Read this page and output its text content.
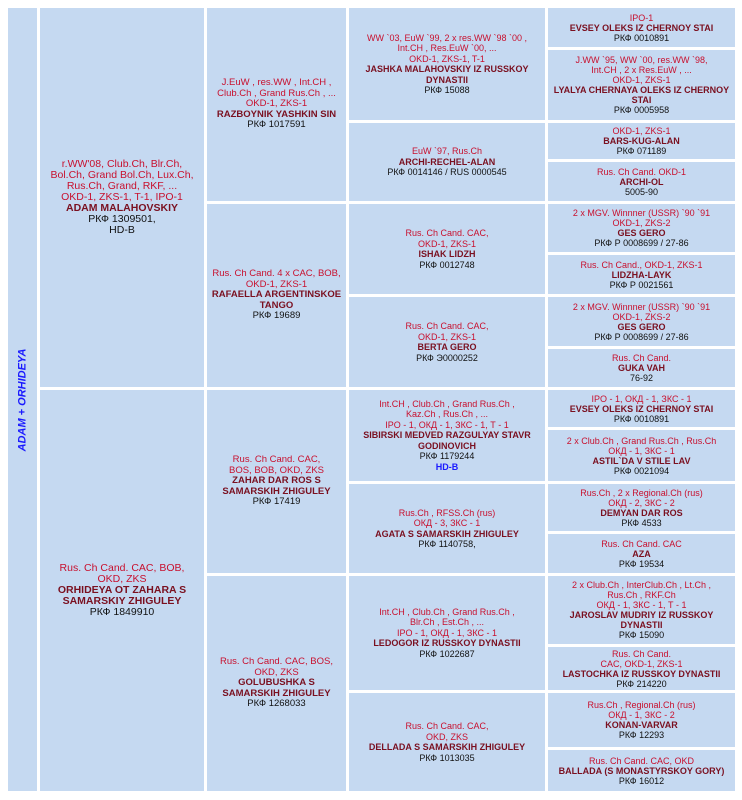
ADAM + ORHIDEYA
r.WW'08, Club.Ch, Blr.Ch,
Bol.Ch, Grand Bol.Ch, Lux.Ch,
Rus.Ch, Grand, RKF, ...
OKD-1, ZKS-1, T-1, IPO-1
ADAM MALAHOVSKIY
РКФ 1309501,
HD-B
Rus. Ch Cand. CAC, BOB,
OKD, ZKS
ORHIDEYA OT ZAHARA S SAMARSKIY ZHIGULEY
РКФ 1849910
J.EuW , res.WW , Int.CH ,
Club.Ch , Grand Rus.Ch , ...
OKD-1, ZKS-1
RAZBOYNIK YASHKIN SIN
РКФ 1017591
Rus. Ch Cand. 4 x CAC, BOB,
OKD-1, ZKS-1
RAFAELLA ARGENTINSKOE TANGO
РКФ 19689
Rus. Ch Cand. CAC,
BOS, BOB, OKD, ZKS
ZAHAR DAR ROS S SAMARSKIH ZHIGULEY
РКФ 17419
Rus. Ch Cand. CAC, BOS,
OKD, ZKS
GOLUBUSHKA S SAMARSKIH ZHIGULEY
РКФ 1268033
WW `03, EuW `99, 2 x res.WW `98 `00 ,
Int.CH , Res.EuW `00, ...
OKD-1, ZKS-1, T-1
JASHKA MALAHOVSKIY IZ RUSSKOY DYNASTII
РКФ 15088
EuW `97, Rus.Ch
ARCHI-RECHEL-ALAN
РКФ 0014146 / RUS 0000545
Rus. Ch Cand. CAC,
OKD-1, ZKS-1
ISHAK LIDZH
РКФ 0012748
Rus. Ch Cand. CAC,
OKD-1, ZKS-1
BERTA GERO
РКФ Э0000252
Int.CH , Club.Ch , Grand Rus.Ch ,
Kaz.Ch , Rus.Ch , ...
IPO - 1, ОКД - 1, ЗКС - 1, Т - 1
SIBIRSKI MEDVED RAZGULYAY STAVR GODINOVICH
РКФ 1179244
HD-B
Rus.Ch , RFSS.Ch (rus)
ОКД - 3, ЗКС - 1
AGATA S SAMARSKIH ZHIGULEY
РКФ 1140758,
Int.CH , Club.Ch , Grand Rus.Ch ,
Blr.Ch , Est.Ch , ...
IPO - 1, ОКД - 1, ЗКС - 1
LEDOGOR IZ RUSSKOY DYNASTII
РКФ 1022687
Rus. Ch Cand. CAC,
OKD, ZKS
DELLADA S SAMARSKIH ZHIGULEY
РКФ 1013035
IPO-1
EVSEY OLEKS IZ CHERNOY STAI
РКФ 0010891
J.WW `95, WW `00, res.WW `98,
Int.CH , 2 x Res.EuW , ...
OKD-1, ZKS-1
LYALYA CHERNAYA OLEKS IZ CHERNOY STAI
РКФ 0005958
OKD-1, ZKS-1
BARS-KUG-ALAN
РКФ 071189
Rus. Ch Cand. OKD-1
ARCHI-OL
5005-90
2 x MGV. Winnner (USSR) `90 `91
OKD-1, ZKS-2
GES GERO
РКФ Р 0008699 / 27-86
Rus. Ch Cand., OKD-1, ZKS-1
LIDZHA-LAYK
РКФ Р 0021561
2 x MGV. Winnner (USSR) `90 `91
OKD-1, ZKS-2
GES GERO
РКФ Р 0008699 / 27-86
Rus. Ch Cand.
GUKA VAH
76-92
IPO - 1, ОКД - 1, ЗКС - 1
EVSEY OLEKS IZ CHERNOY STAI
РКФ 0010891
2 x Club.Ch , Grand Rus.Ch , Rus.Ch
ОКД - 1, ЗКС - 1
ASTIL`DA V STILE LAV
РКФ 0021094
Rus.Ch , 2 x Regional.Ch (rus)
ОКД - 2, ЗКС - 2
DEMYAN DAR ROS
РКФ 4533
Rus. Ch Cand. CAC
AZA
РКФ 19534
2 x Club.Ch , InterClub.Ch , Lt.Ch ,
Rus.Ch , RKF.Ch
ОКД - 1, ЗКС - 1, Т - 1
JAROSLAV MUDRIY IZ RUSSKOY DYNASTII
РКФ 15090
Rus. Ch Cand.
CAC, OKD-1, ZKS-1
LASTOCHKA IZ RUSSKOY DYNASTII
РКФ 214220
Rus.Ch , Regional.Ch (rus)
ОКД - 1, ЗКС - 2
KONAN-VARVAR
РКФ 12293
Rus. Ch Cand. CAC, OKD
BALLADA (S MONASTYRSKOY GORY)
РКФ 16012
